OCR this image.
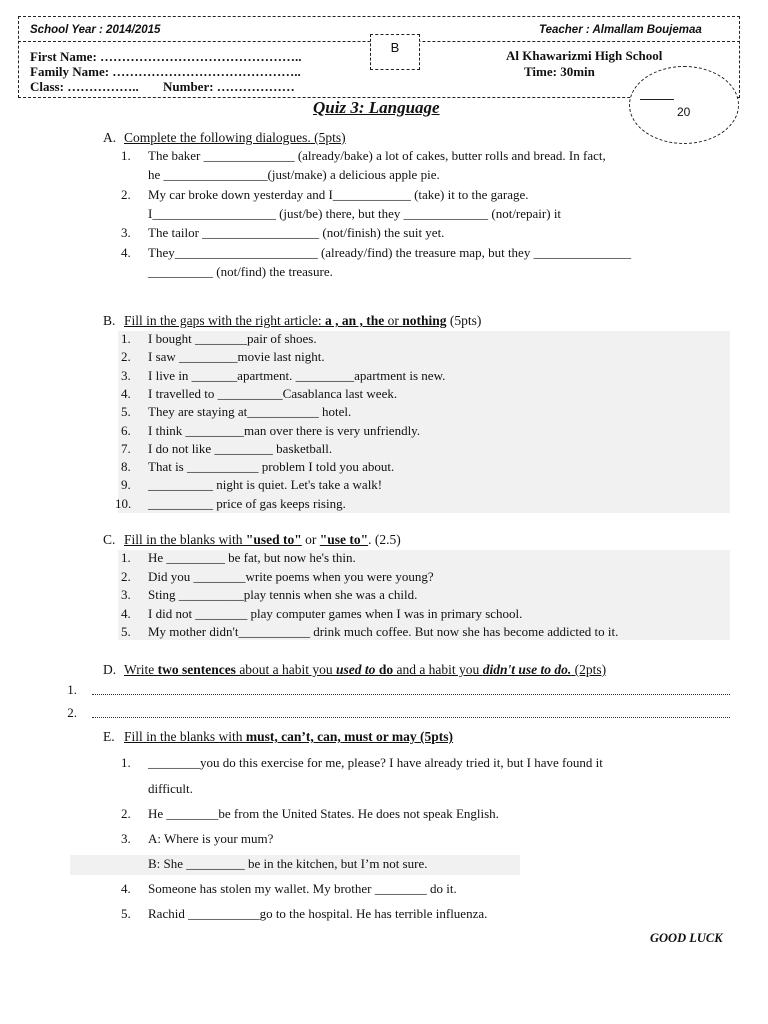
School Year : 2014/2015	Teacher : Almallam Boujemaa
First Name: ………………………………………..
Family Name: ……………………………………..
Class: …………….. Number: ………………
B
Al Khawarizmi High School
Time: 30min
20
Quiz 3: Language
A. Complete the following dialogues. (5pts)
1. The baker ______________ (already/bake) a lot of cakes, butter rolls and bread. In fact,
he ________________(just/make) a delicious apple pie.
2. My car broke down yesterday and I____________ (take) it to the garage.
I___________________ (just/be) there, but they _____________ (not/repair) it
3. The tailor __________________ (not/finish) the suit yet.
4. They______________________ (already/find) the treasure map, but they _______________
__________ (not/find) the treasure.
B. Fill in the gaps with the right article: a , an , the or nothing (5pts)
1. I bought ________pair of shoes.
2. I saw _________movie last night.
3. I live in _______apartment. _________apartment is new.
4. I travelled to __________Casablanca last week.
5. They are staying at___________ hotel.
6. I think _________man over there is very unfriendly.
7. I do not like _________ basketball.
8. That is ___________ problem I told you about.
9. __________ night is quiet. Let's take a walk!
10. __________ price of gas keeps rising.
C. Fill in the blanks with "used to" or "use to". (2.5)
1. He _________ be fat, but now he's thin.
2. Did you ________write poems when you were young?
3. Sting __________play tennis when she was a child.
4. I did not ________ play computer games when I was in primary school.
5. My mother didn't___________ drink much coffee. But now she has become addicted to it.
D. Write two sentences about a habit you used to do and a habit you didn't use to do. (2pts)
1.
2.
E. Fill in the blanks with must, can’t, can, must or may (5pts)
1. ________you do this exercise for me, please? I have already tried it, but I have found it
difficult.
2. He ________be from the United States. He does not speak English.
3. A: Where is your mum?
B: She _________ be in the kitchen, but I’m not sure.
4. Someone has stolen my wallet. My brother ________ do it.
5. Rachid ___________go to the hospital. He has terrible influenza.
GOOD LUCK
